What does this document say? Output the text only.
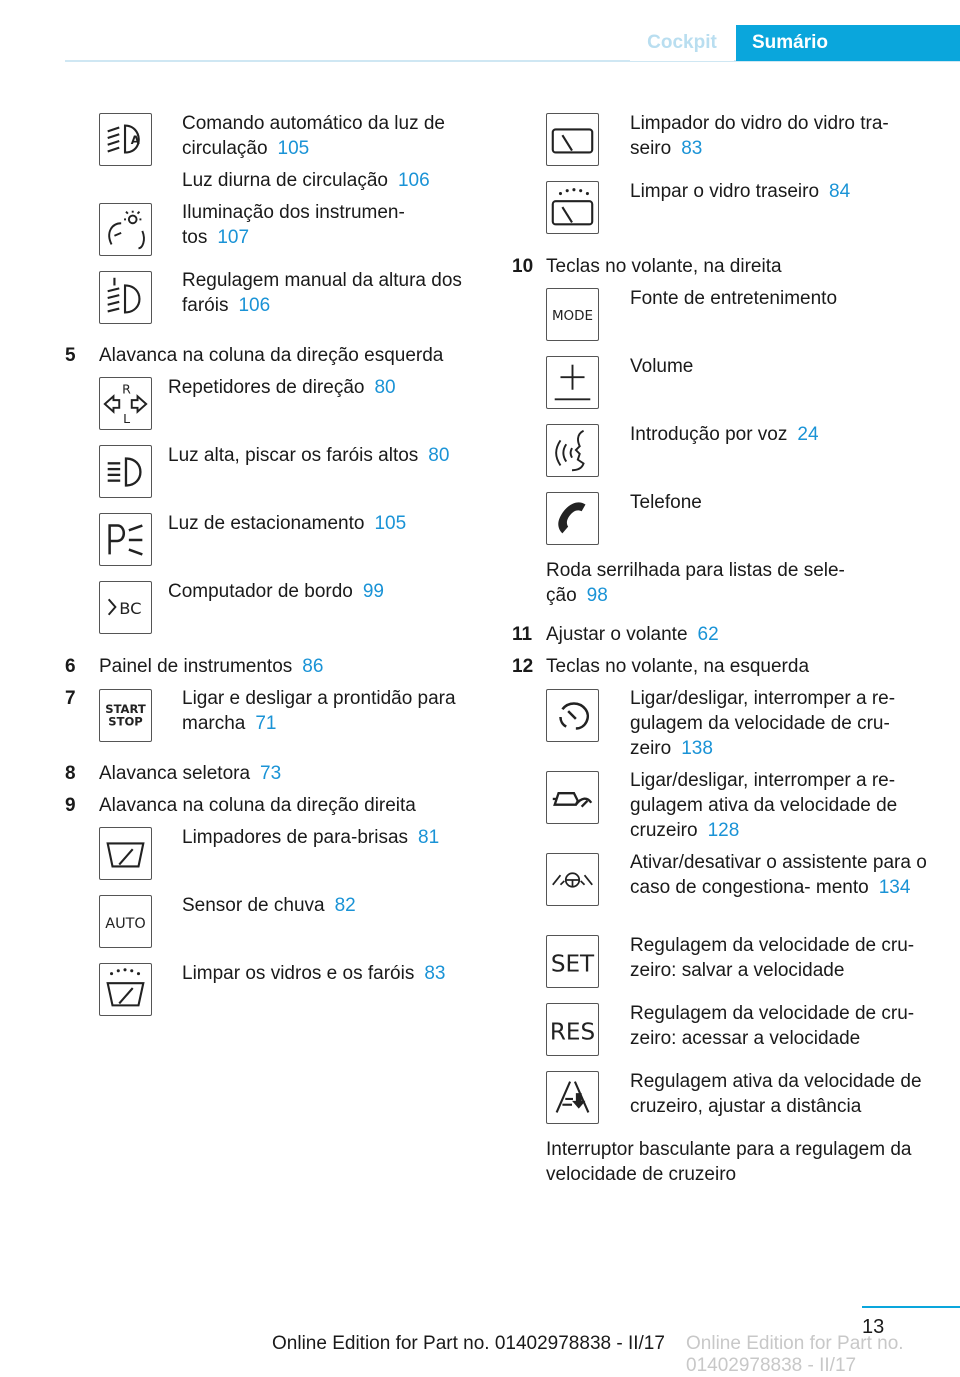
Cockpit	Sumário
A
Comando automático da luz de circulação 105
Luz diurna de circulação 106
Iluminação dos instrumen- tos 107
Regulagem manual da altura dos faróis 106
5 Alavanca na coluna da direção esquerda
R
L
Repetidores de direção 80
Luz alta, piscar os faróis altos 80
Luz de estacionamento 105
BC
Computador de bordo 99
6 Painel de instrumentos 86
7
START
STOP
Ligar e desligar a prontidão para marcha 71
8 Alavanca seletora 73
9 Alavanca na coluna da direção direita
Limpadores de para-brisas 81
AUTO
Sensor de chuva 82
Limpar os vidros e os faróis 83
Limpador do vidro do vidro tra- seiro 83
Limpar o vidro traseiro 84
10 Teclas no volante, na direita
MODE
Fonte de entretenimento
Volume
Introdução por voz 24
Telefone
Roda serrilhada para listas de sele- ção 98
11 Ajustar o volante 62
12 Teclas no volante, na esquerda
Ligar/desligar, interromper a re- gulagem da velocidade de cru- zeiro 138
Ligar/desligar, interromper a re- gulagem ativa da velocidade de cruzeiro 128
Ativar/desativar o assistente para o caso de congestiona- mento 134
SET
Regulagem da velocidade de cru- zeiro: salvar a velocidade
RES
Regulagem da velocidade de cru- zeiro: acessar a velocidade
Regulagem ativa da velocidade de cruzeiro, ajustar a distância
Interruptor basculante para a regulagem da velocidade de cruzeiro
13
Online Edition for Part no. 01402978838 - II/17 Online Edition for Part no. 01402978838 - II/17
